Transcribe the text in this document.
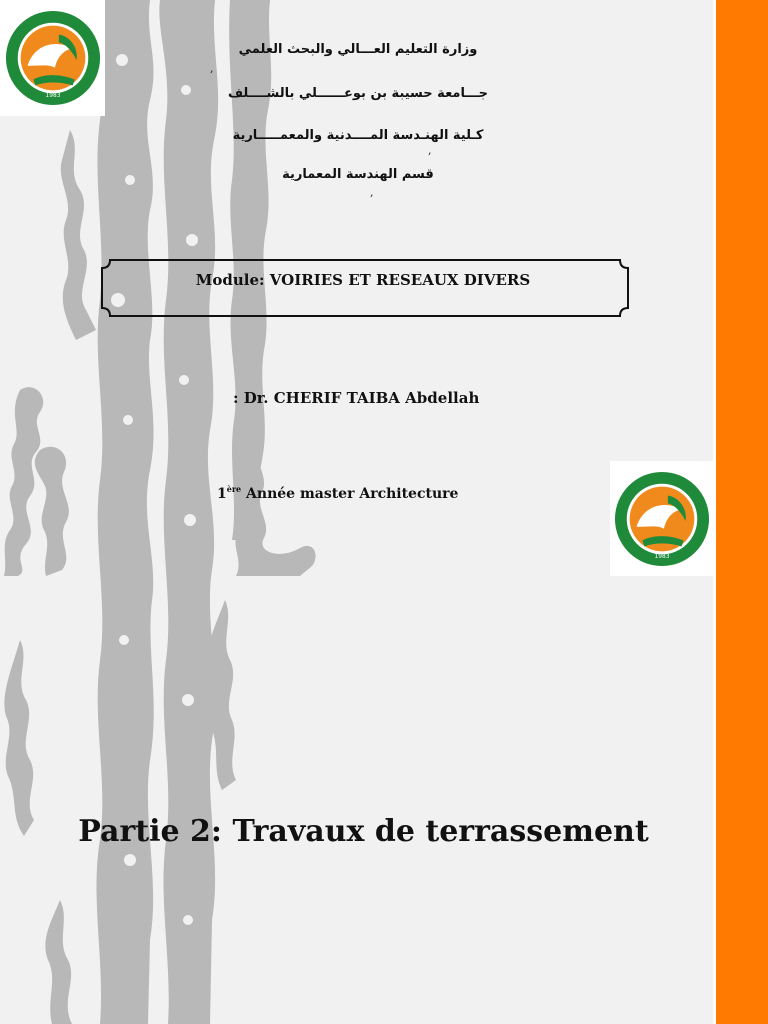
1983
1983
وزارة التعليم العـــالي والبحث العلمي
,
جـــامعة حسيبة بن بوعــــــلي بالشــــلف
كـلية الهنـدسة المــــدنية والمعمـــــارية
,
قسم الهندسة المعمارية
,
Module: VOIRIES ET RESEAUX DIVERS
: Dr. CHERIF TAIBA Abdellah
1ère Année master Architecture
Partie 2: Travaux de terrassement
